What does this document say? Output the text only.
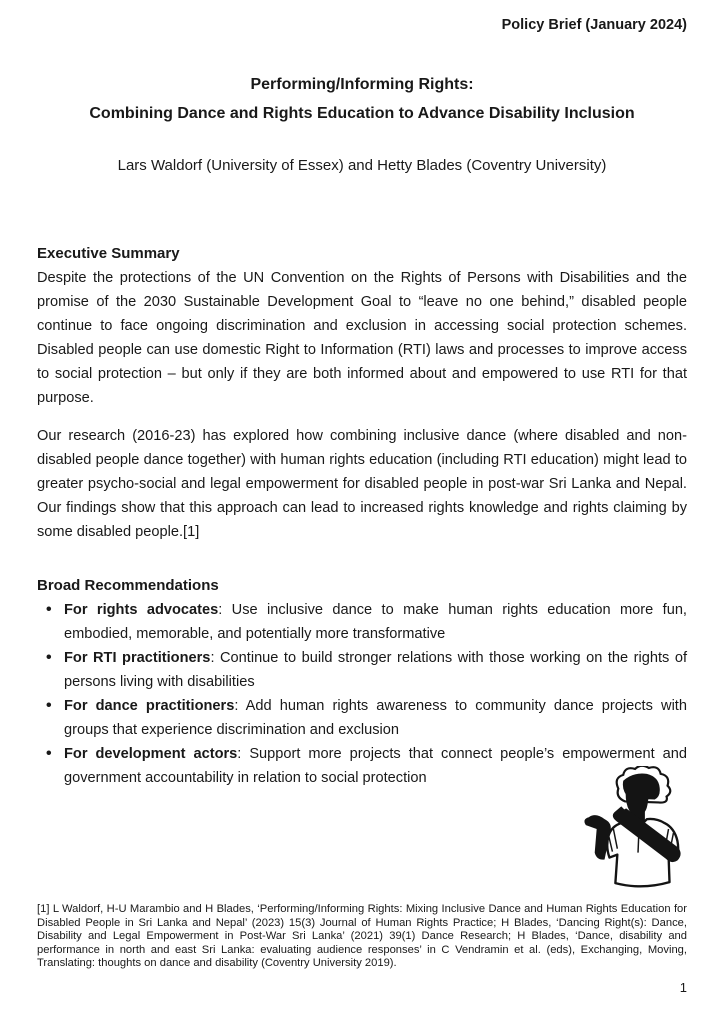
Policy Brief (January 2024)
Performing/Informing Rights:
Combining Dance and Rights Education to Advance Disability Inclusion
Lars Waldorf (University of Essex) and Hetty Blades (Coventry University)
Executive Summary

Despite the protections of the UN Convention on the Rights of Persons with Disabilities and the promise of the 2030 Sustainable Development Goal to “leave no one behind,” disabled people continue to face ongoing discrimination and exclusion in accessing social protection schemes. Disabled people can use domestic Right to Information (RTI) laws and processes to improve access to social protection – but only if they are both informed about and empowered to use RTI for that purpose.

Our research (2016-23) has explored how combining inclusive dance (where disabled and non-disabled people dance together) with human rights education (including RTI education) might lead to greater psycho-social and legal empowerment for disabled people in post-war Sri Lanka and Nepal. Our findings show that this approach can lead to increased rights knowledge and rights claiming by some disabled people.[1]

Broad Recommendations
• For rights advocates: Use inclusive dance to make human rights education more fun, embodied, memorable, and potentially more transformative
• For RTI practitioners: Continue to build stronger relations with those working on the rights of persons living with disabilities
• For dance practitioners: Add human rights awareness to community dance projects with groups that experience discrimination and exclusion
• For development actors: Support more projects that connect people’s empowerment and government accountability in relation to social protection
[1] L Waldorf, H-U Marambio and H Blades, ‘Performing/Informing Rights: Mixing Inclusive Dance and Human Rights Education for Disabled People in Sri Lanka and Nepal’ (2023) 15(3) Journal of Human Rights Practice; H Blades, ‘Dancing Right(s): Dance, Disability and Legal Empowerment in Post-War Sri Lanka’ (2021) 39(1) Dance Research; H Blades, ‘Dance, disability and performance in north and east Sri Lanka: evaluating audience responses’ in C Vendramin et al. (eds), Exchanging, Moving, Translating: thoughts on dance and disability (Coventry University 2019).
1
